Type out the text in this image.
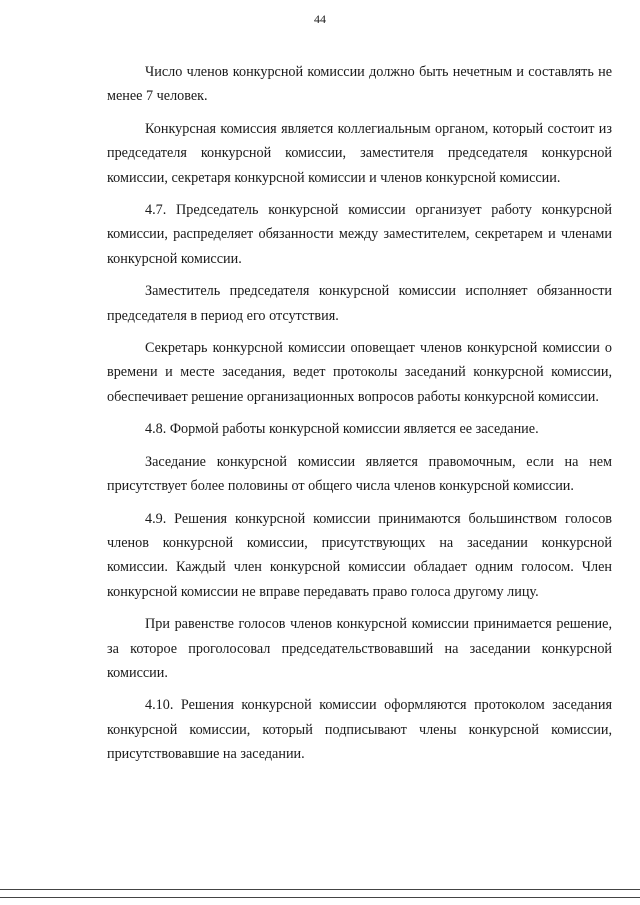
44

Число членов конкурсной комиссии должно быть нечетным и составлять не менее 7 человек.

Конкурсная комиссия является коллегиальным органом, который состоит из председателя конкурсной комиссии, заместителя председателя конкурсной комиссии, секретаря конкурсной комиссии и членов конкурсной комиссии.

4.7. Председатель конкурсной комиссии организует работу конкурсной комиссии, распределяет обязанности между заместителем, секретарем и членами конкурсной комиссии.

Заместитель председателя конкурсной комиссии исполняет обязанности председателя в период его отсутствия.

Секретарь конкурсной комиссии оповещает членов конкурсной комиссии о времени и месте заседания, ведет протоколы заседаний конкурсной комиссии, обеспечивает решение организационных вопросов работы конкурсной комиссии.

4.8. Формой работы конкурсной комиссии является ее заседание.

Заседание конкурсной комиссии является правомочным, если на нем присутствует более половины от общего числа членов конкурсной комиссии.

4.9. Решения конкурсной комиссии принимаются большинством голосов членов конкурсной комиссии, присутствующих на заседании конкурсной комиссии. Каждый член конкурсной комиссии обладает одним голосом. Член конкурсной комиссии не вправе передавать право голоса другому лицу.

При равенстве голосов членов конкурсной комиссии принимается решение, за которое проголосовал председательствовавший на заседании конкурсной комиссии.

4.10. Решения конкурсной комиссии оформляются протоколом заседания конкурсной комиссии, который подписывают члены конкурсной комиссии, присутствовавшие на заседании.
